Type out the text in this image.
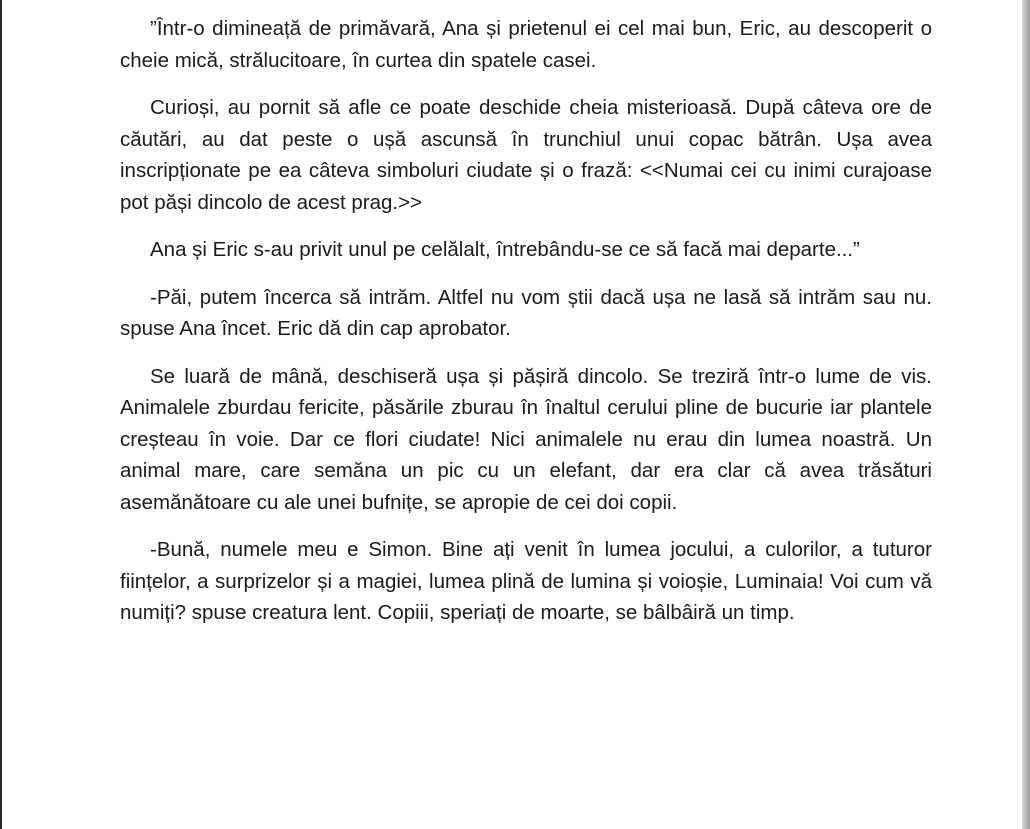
”Într-o dimineață de primăvară, Ana și prietenul ei cel mai bun, Eric, au descoperit o cheie mică, strălucitoare, în curtea din spatele casei.

Curioși, au pornit să afle ce poate deschide cheia misterioasă. După câteva ore de căutări, au dat peste o ușă ascunsă în trunchiul unui copac bătrân. Ușa avea inscripționate pe ea câteva simboluri ciudate și o frază: <<Numai cei cu inimi curajoase pot păși dincolo de acest prag.>>

Ana și Eric s-au privit unul pe celălalt, întrebându-se ce să facă mai departe...”

-Păi, putem încerca să intrăm. Altfel nu vom știi dacă ușa ne lasă să intrăm sau nu. spuse Ana încet. Eric dă din cap aprobator.

Se luară de mână, deschiseră ușa și pășiră dincolo. Se treziră într-o lume de vis. Animalele zburdau fericite, păsările zburau în înaltul cerului pline de bucurie iar plantele creșteau în voie. Dar ce flori ciudate! Nici animalele nu erau din lumea noastră. Un animal mare, care semăna un pic cu un elefant, dar era clar că avea trăsături asemănătoare cu ale unei bufnițe, se apropie de cei doi copii.

-Bună, numele meu e Simon. Bine ați venit în lumea jocului, a culorilor, a tuturor ființelor, a surprizelor și a magiei, lumea plină de lumina și voioșie, Luminaia! Voi cum vă numiți? spuse creatura lent. Copiii, speriați de moarte, se bâlbâiră un timp.
